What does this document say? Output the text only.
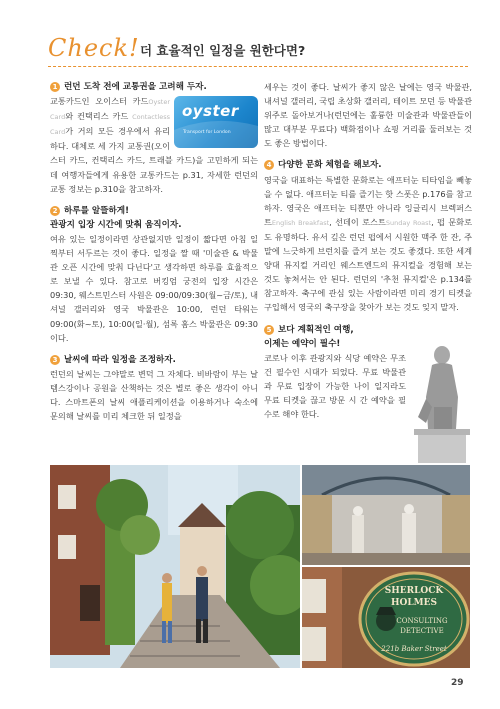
Check! 더 효율적인 일정을 원한다면?
1 런던 도착 전에 교통권을 고려해 두자.
oyster
Transport for London
교통카드인 오이스터 카드Oyster Card와 컨택리스 카드 Contactless Card가 거의 모든 경우에서 유리하다. 대체로 세 가지 교통권(오이스터 카드, 컨택리스 카드, 트래블 카드)을 고민하게 되는데 여행자들에게 유용한 교통카드는 p.31, 자세한 런던의 교통 정보는 p.310을 참고하자.
2 하루를 알뜰하게!
관광지 입장 시간에 맞춰 움직이자.
여유 있는 일정이라면 상관없지만 일정이 짧다면 아침 일찍부터 서두르는 것이 좋다. 일정을 짤 때 '미술관 & 박물관 오픈 시간에 맞춰 다닌다'고 생각하면 하루를 효율적으로 보낼 수 있다. 참고로 버킹엄 궁전의 입장 시간은 09:30, 웨스트민스터 사원은 09:00/09:30(월~금/토), 내셔널 갤러리와 영국 박물관은 10:00, 런던 타워는 09:00(화~토), 10:00(일·월), 섬록 홈스 박물관은 09:30이다.
3 날씨에 따라 일정을 조정하자.
런던의 날씨는 그야말로 변덕 그 자체다. 비바람이 부는 날 템스강이나 공원을 산책하는 것은 별로 좋은 생각이 아니다. 스마트폰의 날씨 애플리케이션을 이용하거나 숙소에 문의해 날씨를 미리 체크한 뒤 일정을
세우는 것이 좋다. 날씨가 좋지 않은 날에는 영국 박물관, 내셔널 갤러리, 국립 초상화 갤러리, 테이트 모던 등 박물관 위주로 돌아보거나(런던에는 훌륭한 미술관과 박물관들이 많고 대부분 무료다) 백화점이나 쇼핑 거리를 둘러보는 것도 좋은 방법이다.
4 다양한 문화 체험을 해보자.
영국을 대표하는 특별한 문화로는 애프터눈 티타임을 빼놓을 수 없다. 애프터눈 티를 즐기는 핫 스폿은 p.176를 참고하자. 영국은 애프터눈 티뿐만 아니라 잉글리시 브렉퍼스트English Breakfast, 선데이 로스트Sunday Roast, 펍 문화로도 유명하다. 유서 깊은 런던 펍에서 시원한 맥주 한 잔, 주말에 느긋하게 브런치를 즐겨 보는 것도 좋겠다. 또한 세계 양대 뮤지컬 거리인 웨스트엔드의 뮤지컬을 경험해 보는 것도 놓쳐서는 안 된다. 런던의 '추천 뮤지컬'은 p.134를 참고하자. 축구에 관심 있는 사람이라면 미리 경기 티켓을 구입해서 영국의 축구장을 찾아가 보는 것도 잊지 말자.
5 보다 계획적인 여행,
이제는 예약이 필수!
코로나 이후 관광지와 식당 예약은 무조건 필수인 시대가 되었다. 무료 박물관과 무료 입장이 가능한 나이 일지라도 무료 티켓을 끊고 방문 시 간 예약을 필수로 해야 한다.
SHERLOCK
HOLMES
CONSULTING
DETECTIVE
221b Baker Street
29
